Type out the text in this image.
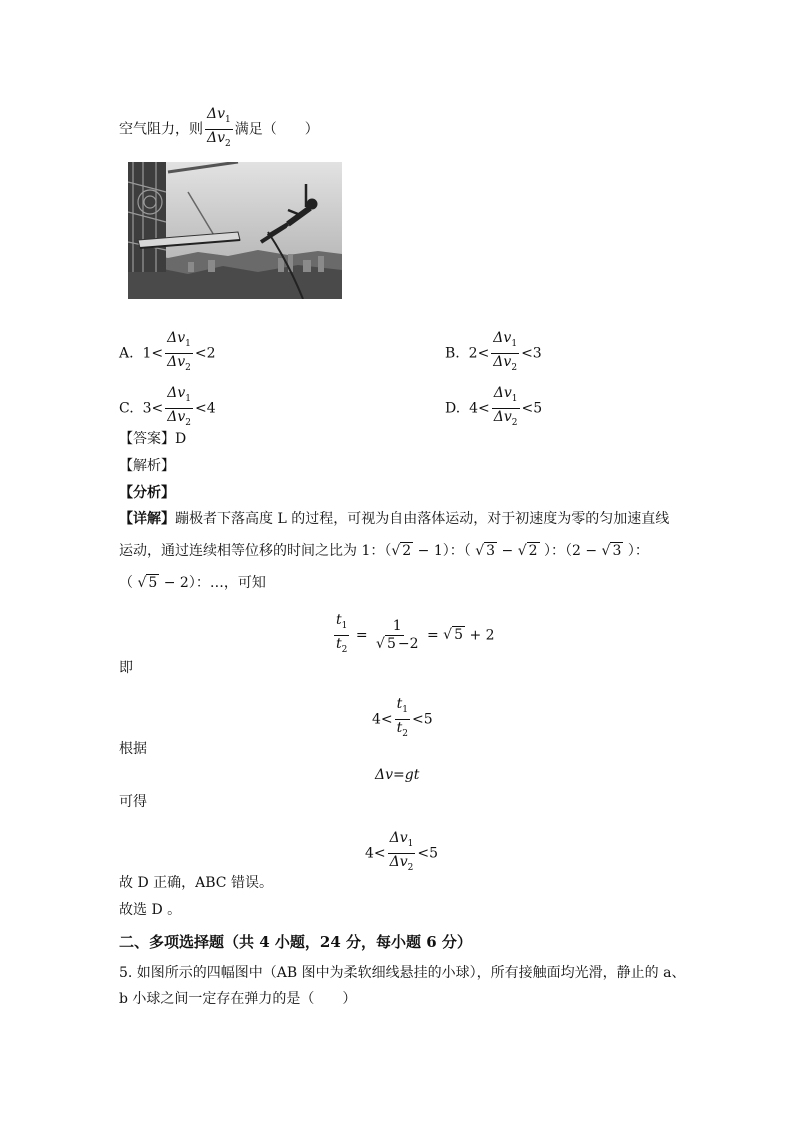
空气阻力，则 $\frac{\Delta v_1}{\Delta v_2}$ 满足（　　）
A. $1< \frac{\Delta v_1}{\Delta v_2} <2$	B. $2< \frac{\Delta v_1}{\Delta v_2} <3$
C. $3< \frac{\Delta v_1}{\Delta v_2} <4$	D. $4< \frac{\Delta v_1}{\Delta v_2} <5$
【答案】D
【解析】
【分析】
【详解】蹦极者下落高度 L 的过程，可视为自由落体运动，对于初速度为零的匀加速直线
运动，通过连续相等位移的时间之比为 1：（√ 2 − 1）：（ √ 3 − √ 2 ）：（2 − √ 3 ）：
（ √ 5 − 2）：…，可知
$\frac{t_1}{t_2} = \frac{1}{√ 5 -2}$ = √ 5 + 2
即
$4< \frac{t_1}{t_2} <5$
根据
Δv=gt
可得
$4< \frac{\Delta v_1}{\Delta v_2} <5$
故 D 正确，ABC 错误。
故选 D 。
二、多项选择题（共 4 小题，24 分，每小题 6 分）
5. 如图所示的四幅图中（AB 图中为柔软细线悬挂的小球），所有接触面均光滑，静止的 a、
b 小球之间一定存在弹力的是（　　）
